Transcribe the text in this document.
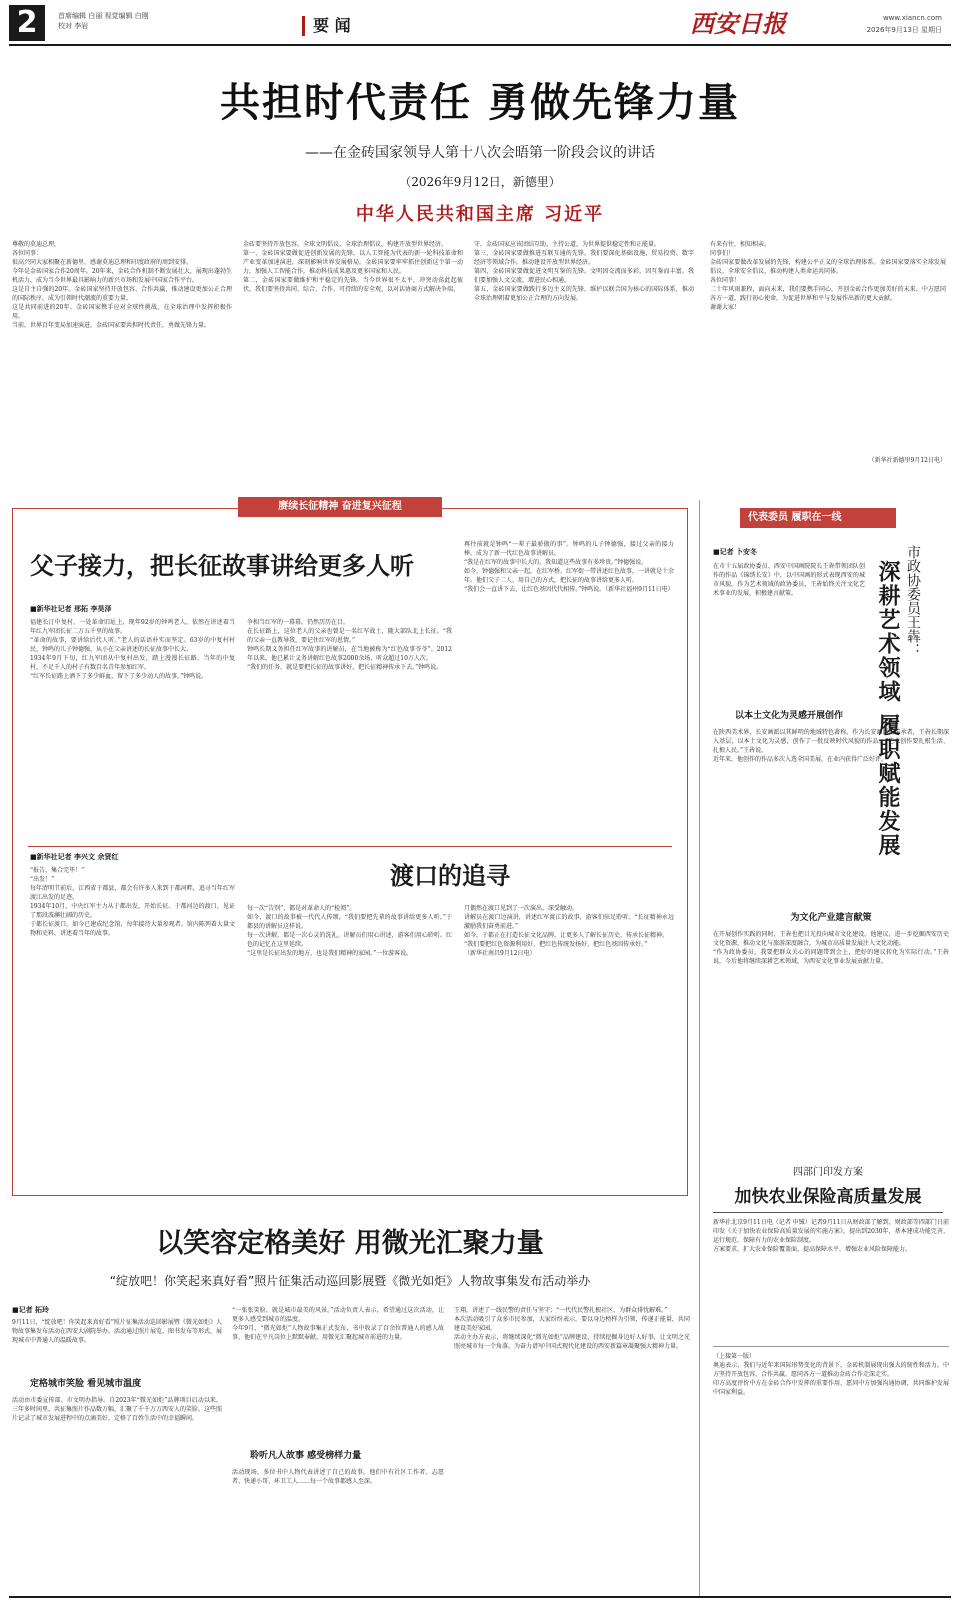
2	首席编辑 白丽 视觉编辑 白刚
校对 李岩	要 闻	西安日报	www.xiancn.com
2026年9月13日 星期日
共担时代责任 勇做先锋力量
——在金砖国家领导人第十八次会晤第一阶段会议的讲话
（2026年9月12日，新德里）
中华人民共和国主席 习近平
尊敬的莫迪总理，
各位同事：
很高兴同大家相聚在新德里，感谢莫迪总理和印度政府的周到安排。
今年是金砖国家合作20周年。20年来，金砖合作机制不断发展壮大，展现出蓬勃生机活力，成为当今世界最具影响力的新兴市场和发展中国家合作平台。
这是自主自强的20年。金砖国家坚持开放包容、合作共赢，推动建设更加公正合理的国际秩序，成为引领时代潮流的重要力量。
这是共同前进的20年。金砖国家携手应对全球性挑战，在全球治理中发挥积极作用。
当前，世界百年变局加速演进，金砖国家要共担时代责任，勇做先锋力量。
金砖要坚持开放包容，全球文明倡议、全球治理倡议，构建开放型世界经济。
第一，金砖国家要做促进创新发展的先锋。以人工智能为代表的新一轮科技革命和产业变革加速演进，深刻影响世界发展格局。金砖国家要牢牢抓住创新这个第一动力，加强人工智能合作，推动科技成果惠及更多国家和人民。
第二，金砖国家要做维护和平稳定的先锋。当今世界很不太平，冲突动荡此起彼伏。我们要坚持共同、综合、合作、可持续的安全观，以对话协商方式解决争端。
守，金砖国家应该团结互助，主持公道，为世界提供稳定性和正能量。
第三，金砖国家要做推进互联互通的先锋。我们要深化基础设施、贸易投资、数字经济等领域合作，推动建设开放型世界经济。
第四，金砖国家要做促进文明互鉴的先锋。文明因交流而多彩，因互鉴而丰富。我们要加强人文交流，增进民心相通。
第五，金砖国家要做践行多边主义的先锋，维护以联合国为核心的国际体系，推动全球治理朝着更加公正合理的方向发展。
有来有往，相知相亲。
同事们！
金砖国家要做改革发展的先锋，构建公平正义的全球治理体系。金砖国家要落实全球发展倡议、全球安全倡议，推动构建人类命运共同体。
各位同事！
二十年风雨兼程，面向未来，我们要携手同心，开创金砖合作更加美好的未来。中方愿同各方一道，践行初心使命，为促进世界和平与发展作出新的更大贡献。
谢谢大家！
（新华社新德里9月12日电）
赓续长征精神 奋进复兴征程
父子接力，把长征故事讲给更多人听
■新华社记者 邢拓 李昊泽
福建长汀中复村，一处革命旧址上，现年92岁的钟鸣老人，依然在讲述着当年红九军团长征二万五千里的故事。
“革命的故事，要讲给后代人听。”老人的话语朴实而坚定。63岁的中复村村民、钟鸣的儿子钟德强，从小在父亲讲述的长征故事中长大。
1934年9月下旬，红九军团从中复村出发，踏上漫漫长征路。当年的中复村，不足千人的村子有数百名青年参加红军。
“红军长征路上洒下了多少鲜血，留下了多少动人的故事。”钟鸣说。
争相当红军的一幕幕，仍然历历在目。
在长征路上，这位老人的父亲也曾是一名红军战士，随大部队北上长征。“我的父亲一直教导我，要记住红军的恩情。”
钟鸣长期义务担任红军故事的讲解员，在当地被称为“红色故事爷爷”。2012年以来，他已累计义务讲解红色故事2000余场，听众超过10万人次。
“我们的任务，就是要把长征的故事讲好，把长征精神传承下去。”钟鸣说。
再往前就是钟鸣“一辈子最骄傲的事”。钟鸣的儿子钟德强，接过父亲的接力棒，成为了新一代红色故事讲解员。
“我是在红军的故事中长大的，我知道这些故事有多珍贵。”钟德强说。
如今，钟德强和父亲一起，在红军桥、红军街一带讲述红色故事，一讲就是十余年。他们父子二人，用自己的方式，把长征的故事讲给更多人听。
“我们会一直讲下去，让红色基因代代相传。”钟鸣说。（新华社福州9月11日电）
■新华社记者 李兴文 余贤红
渡口的追寻
“报告，集合完毕！”
“出发！”
每年清明节前后，江西省于都县，都会有许多人来到于都河畔，追寻当年红军渡江出发的足迹。
1934年10月，中央红军主力从于都出发，开始长征。于都河边的渡口，见证了那段波澜壮阔的历史。
于都长征渡口，如今已建成纪念馆，每年接待大量参观者。馆内陈列着大量文物和史料，讲述着当年的故事。
每一次“告别”，都是对革命人的“检阅”。
如今，渡口的故事被一代代人传颂。“我们要把先辈的故事讲给更多人听。”于都县的讲解员这样说。
每一次讲解，都是一次心灵的洗礼。讲解员们用心讲述，游客们用心聆听。红色的记忆在这里延续。
“这里是长征出发的地方，也是我们精神的家园。”一位游客说。
月偶然在渡口见到了一次演出，深受触动。
讲解员在渡口边演讲，讲述红军渡江的故事，游客们驻足聆听。“长征精神永远激励我们奋勇前进。”
如今，于都正在打造长征文化品牌，让更多人了解长征历史、传承长征精神。
“我们要把红色资源利用好、把红色传统发扬好、把红色基因传承好。”
（新华社南昌9月12日电）
代表委员 履职在一线
■记者 卜安冬	市政协委员王犇：
深耕艺术领域 履职赋能发展
在市十五届政协委员、西安中国画院院长王犇带领团队创作的作品《锦绣长安》中，以中国画的形式表现西安的城市风貌。作为艺术领域的政协委员，王犇始终关注文化艺术事业的发展，积极建言献策。
以本土文化为灵感开展创作
在陕西美术界，长安画派以其鲜明的地域特色著称。作为长安画派的传承者，王犇长期深入基层，以本土文化为灵感，创作了一批反映时代风貌的作品。“艺术创作要扎根生活、扎根人民。”王犇说。
近年来，他创作的作品多次入选全国美展，在业内获得广泛好评。
为文化产业建言献策
在开展创作实践的同时，王犇也把目光投向城市文化建设。他建议，进一步挖掘西安历史文化资源，推动文化与旅游深度融合，为城市高质量发展注入文化动能。
“作为政协委员，我要把群众关心的问题带到会上，把好的建议转化为实际行动。”王犇说，今后他将继续深耕艺术领域，为西安文化事业发展贡献力量。
四部门印发方案
加快农业保险高质量发展
新华社北京9月11日电（记者 申铖）记者9月11日从财政部了解到，财政部等四部门日前印发《关于加快农业保险高质量发展的实施方案》，提出到2030年，基本建成功能完善、运行规范、保障有力的农业保险制度。
方案要求，扩大农业保险覆盖面，提高保障水平，增强农业风险保障能力。
（上接第一版）
奥迪表示，我们与近年来国际形势变化的背景下，金砖机制展现出强大的韧性和活力。中方坚持开放包容、合作共赢，愿同各方一道推动金砖合作走深走实。
印方高度评价中方在金砖合作中发挥的重要作用，愿同中方加强沟通协调，共同维护发展中国家利益。
以笑容定格美好 用微光汇聚力量
“绽放吧！你笑起来真好看”照片征集活动巡回影展暨《微光如炬》人物故事集发布活动举办
■记者 拓玲
9月11日，“绽放吧！你笑起来真好看”照片征集活动巡回影展暨《微光如炬》人物故事集发布活动在西安大剧院举办。活动通过照片展览、图书发布等形式，展现城市中普通人的温暖故事。
定格城市笑脸 看见城市温度
活动由市委宣传部、市文明办指导。自2023年“微光如炬”品牌项目启动以来，三年多时间里，共征集照片作品数万幅，汇聚了千千万万西安人的笑脸。这些照片记录了城市发展进程中的点滴美好，定格了百姓生活中的幸福瞬间。
“一张张笑脸，就是城市最美的风景。”活动负责人表示，希望通过这次活动，让更多人感受到城市的温度。
今年9月，“微光如炬”人物故事集正式发布，书中收录了百余位普通人的感人故事，他们在平凡岗位上默默奉献，用微光汇聚起城市前进的力量。
聆听凡人故事 感受榜样力量
活动现场，多位书中人物代表讲述了自己的故事。他们中有社区工作者、志愿者、快递小哥、环卫工人……每一个故事都感人至深。
王翔，讲述了一线民警的责任与坚守；“一代代民警扎根社区，为群众排忧解难。”
本次活动吸引了众多市民参加，大家纷纷表示，要以身边榜样为引领，传递正能量，共同建设美好家园。
活动主办方表示，将继续深化“微光如炬”品牌建设，持续挖掘身边好人好事，让文明之光照亮城市每一个角落，为奋力谱写中国式现代化建设的西安新篇章凝聚强大精神力量。
